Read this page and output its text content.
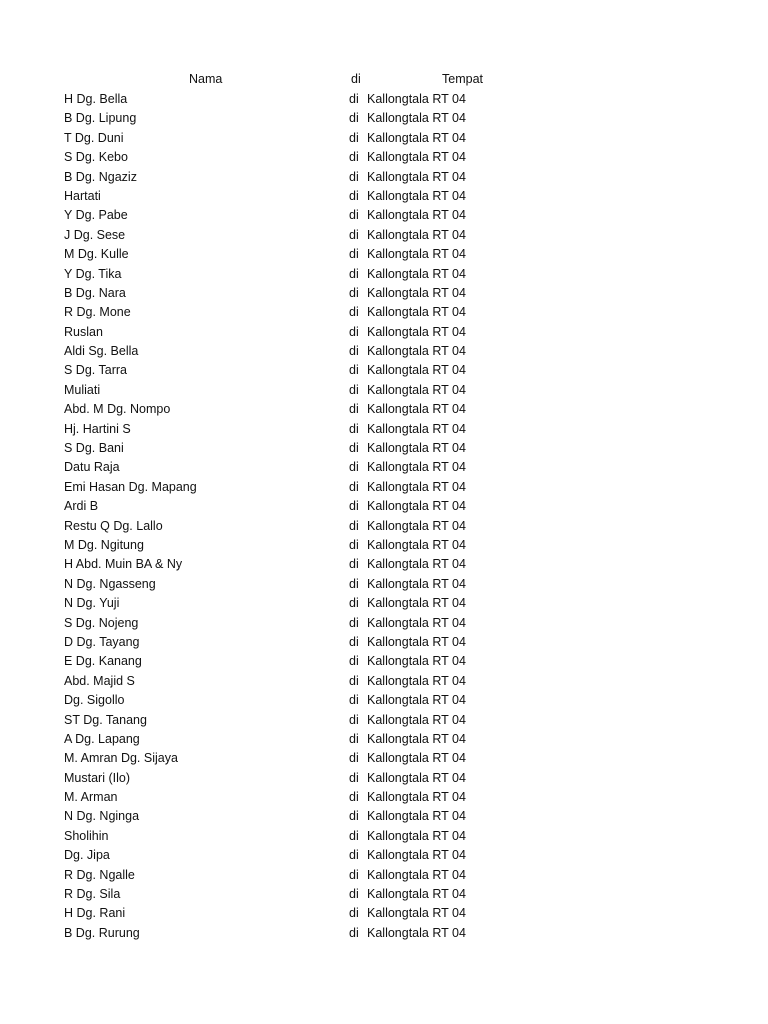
Nama	di	Tempat
H Dg. Bella	di Kallongtala RT 04
B Dg. Lipung	di Kallongtala RT 04
T Dg. Duni	di Kallongtala RT 04
S Dg. Kebo	di Kallongtala RT 04
B Dg. Ngaziz	di Kallongtala RT 04
Hartati	di Kallongtala RT 04
Y Dg. Pabe	di Kallongtala RT 04
J Dg. Sese	di Kallongtala RT 04
M Dg. Kulle	di Kallongtala RT 04
Y Dg. Tika	di Kallongtala RT 04
B Dg. Nara	di Kallongtala RT 04
R Dg. Mone	di Kallongtala RT 04
Ruslan	di Kallongtala RT 04
Aldi Sg. Bella	di Kallongtala RT 04
S Dg. Tarra	di Kallongtala RT 04
Muliati	di Kallongtala RT 04
Abd. M Dg. Nompo	di Kallongtala RT 04
Hj. Hartini S	di Kallongtala RT 04
S Dg. Bani	di Kallongtala RT 04
Datu Raja	di Kallongtala RT 04
Emi Hasan Dg. Mapang	di Kallongtala RT 04
Ardi B	di Kallongtala RT 04
Restu Q Dg. Lallo	di Kallongtala RT 04
M Dg. Ngitung	di Kallongtala RT 04
H Abd. Muin BA & Ny	di Kallongtala RT 04
N Dg. Ngasseng	di Kallongtala RT 04
N Dg. Yuji	di Kallongtala RT 04
S Dg. Nojeng	di Kallongtala RT 04
D Dg. Tayang	di Kallongtala RT 04
E Dg. Kanang	di Kallongtala RT 04
Abd. Majid S	di Kallongtala RT 04
Dg. Sigollo	di Kallongtala RT 04
ST Dg. Tanang	di Kallongtala RT 04
A Dg. Lapang	di Kallongtala RT 04
M. Amran Dg. Sijaya	di Kallongtala RT 04
Mustari (Ilo)	di Kallongtala RT 04
M. Arman	di Kallongtala RT 04
N Dg. Nginga	di Kallongtala RT 04
Sholihin	di Kallongtala RT 04
Dg. Jipa	di Kallongtala RT 04
R Dg. Ngalle	di Kallongtala RT 04
R Dg. Sila	di Kallongtala RT 04
H Dg. Rani	di Kallongtala RT 04
B Dg. Rurung	di Kallongtala RT 04
